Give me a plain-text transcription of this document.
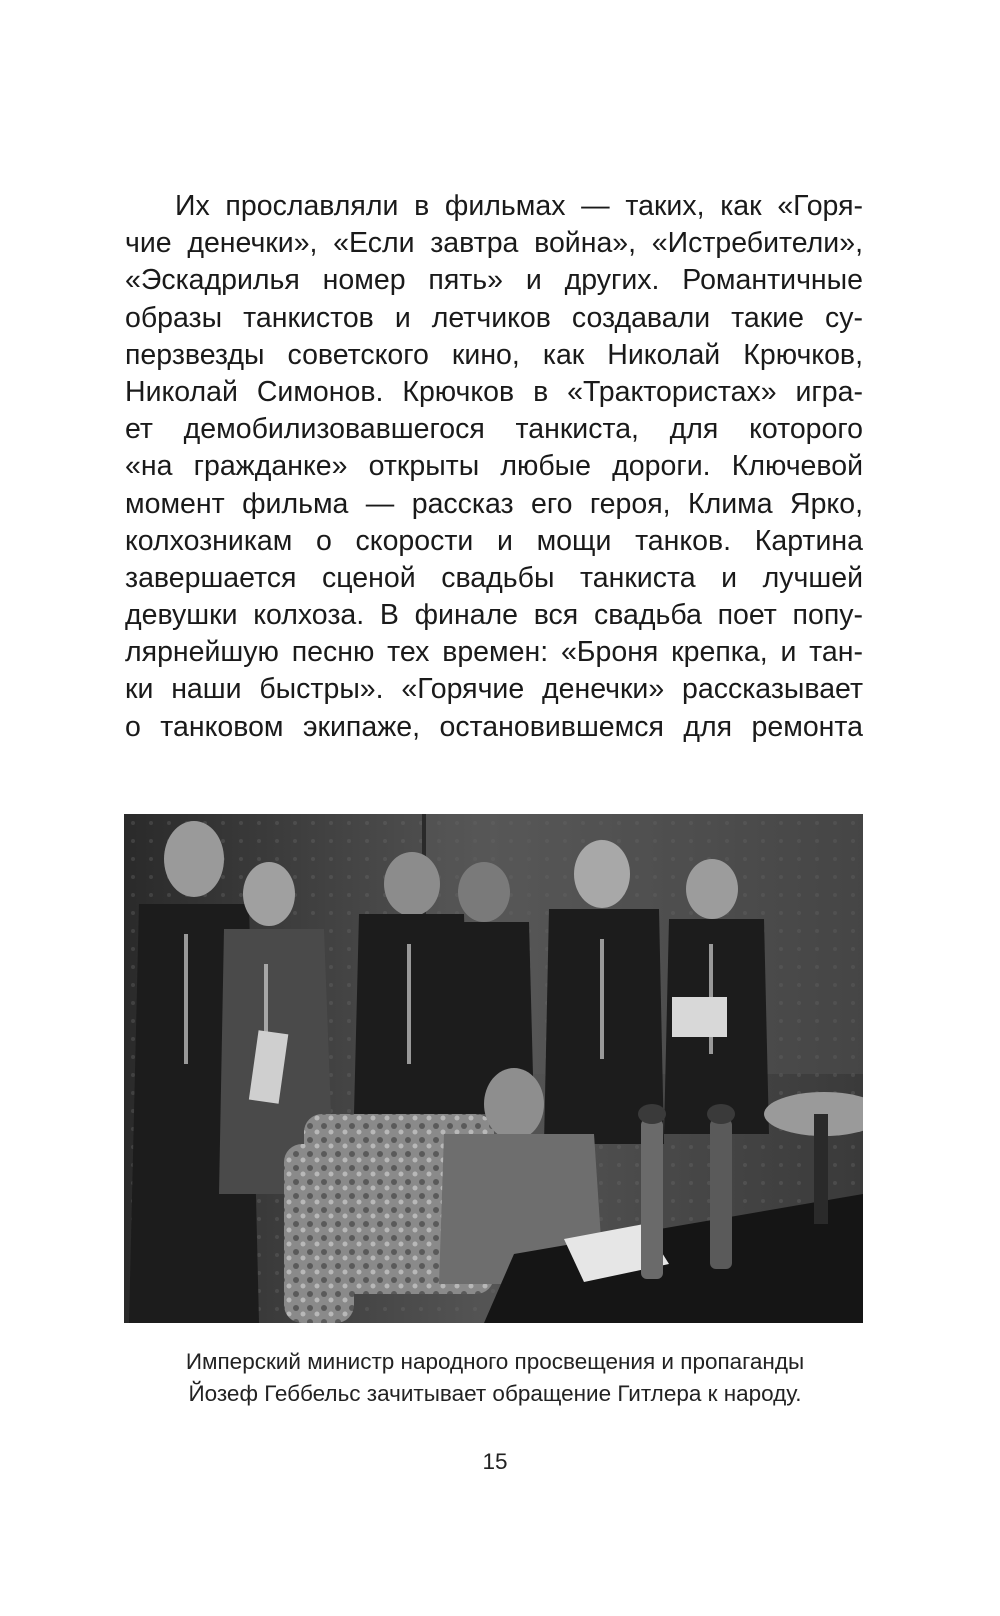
Их прославляли в фильмах — таких, как «Горя-
чие денечки», «Если завтра война», «Истребители»,
«Эскадрилья номер пять» и других. Романтичные
образы танкистов и летчиков создавали такие су-
перзвезды советского кино, как Николай Крючков,
Николай Симонов. Крючков в «Трактористах» игра-
ет демобилизовавшегося танкиста, для которого
«на гражданке» открыты любые дороги. Ключевой
момент фильма — рассказ его героя, Клима Ярко,
колхозникам о скорости и мощи танков. Картина
завершается сценой свадьбы танкиста и лучшей
девушки колхоза. В финале вся свадьба поет попу-
лярнейшую песню тех времен: «Броня крепка, и тан-
ки наши быстры». «Горячие денечки» рассказывает
о танковом экипаже, остановившемся для ремонта
Имперский министр народного просвещения и пропаганды
Йозеф Геббельс зачитывает обращение Гитлера к народу.
15
